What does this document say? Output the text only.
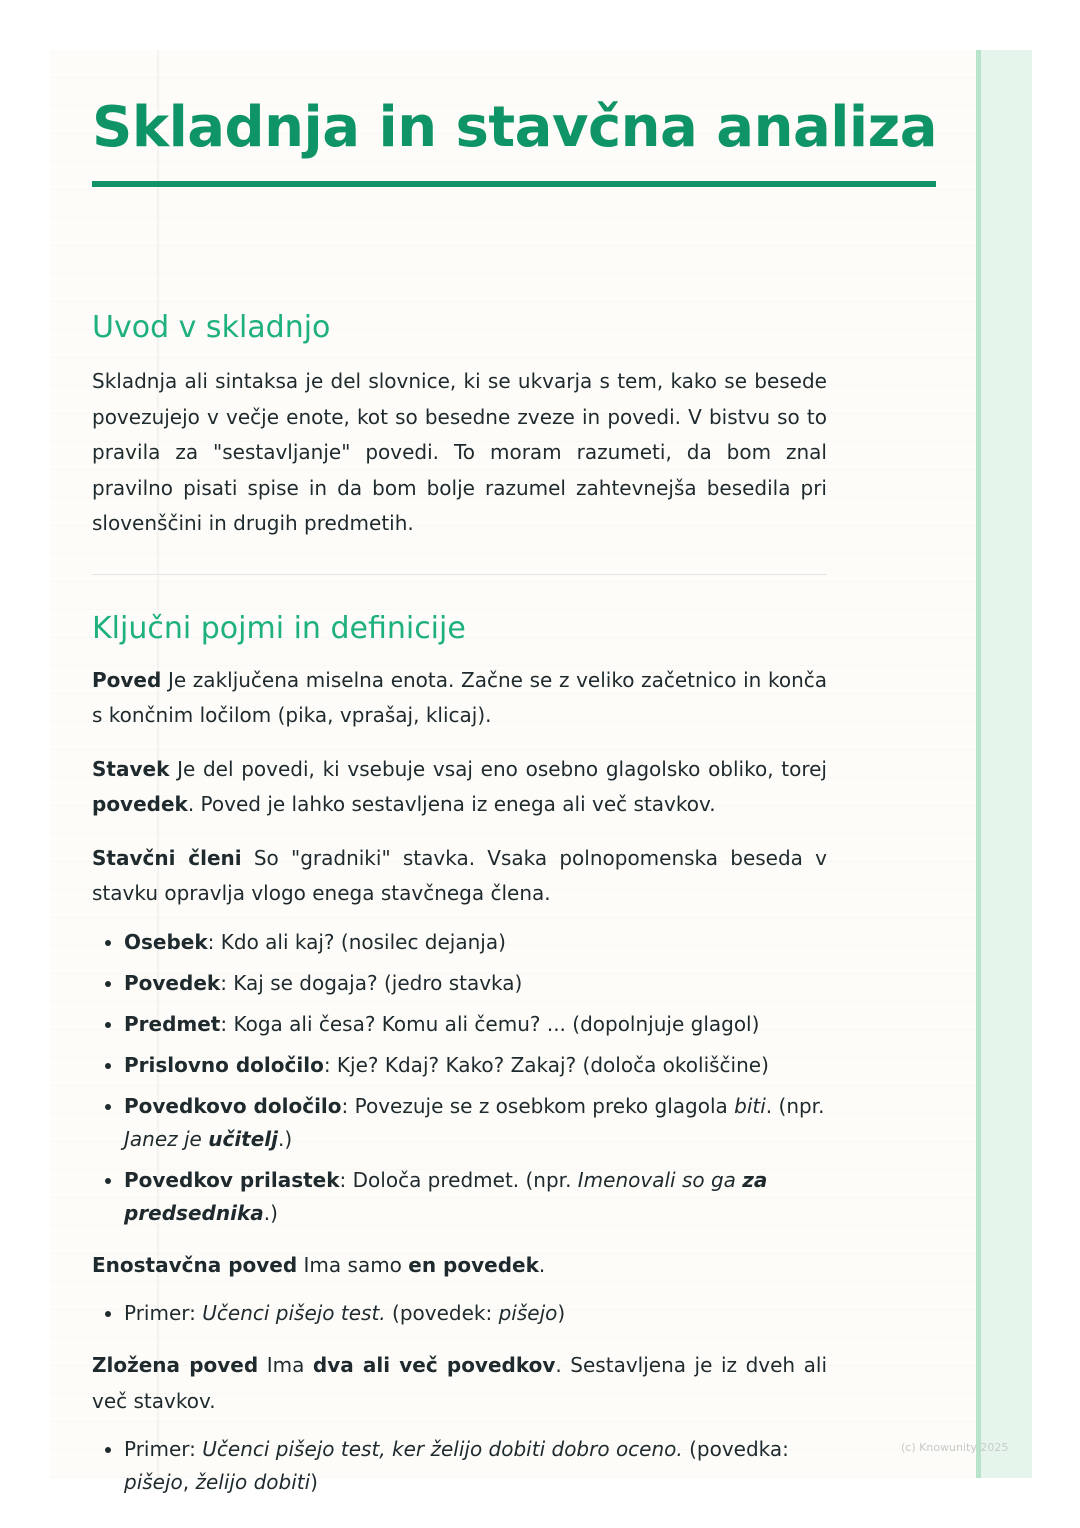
Skladnja in stavčna analiza
Uvod v skladnjo

Skladnja ali sintaksa je del slovnice, ki se ukvarja s tem, kako se besede povezujejo v večje enote, kot so besedne zveze in povedi. V bistvu so to pravila za "sestavljanje" povedi. To moram razumeti, da bom znal pravilno pisati spise in da bom bolje razumel zahtevnejša besedila pri slovenščini in drugih predmetih.

Ključni pojmi in definicije

Poved Je zaključena miselna enota. Začne se z veliko začetnico in konča s končnim ločilom (pika, vprašaj, klicaj).

Stavek Je del povedi, ki vsebuje vsaj eno osebno glagolsko obliko, torej povedek. Poved je lahko sestavljena iz enega ali več stavkov.

Stavčni členi So "gradniki" stavka. Vsaka polnopomenska beseda v stavku opravlja vlogo enega stavčnega člena.

• Osebek: Kdo ali kaj? (nosilec dejanja)
• Povedek: Kaj se dogaja? (jedro stavka)
• Predmet: Koga ali česa? Komu ali čemu? ... (dopolnjuje glagol)
• Prislovno določilo: Kje? Kdaj? Kako? Zakaj? (določa okoliščine)
• Povedkovo določilo: Povezuje se z osebkom preko glagola biti. (npr. Janez je učitelj.)
• Povedkov prilastek: Določa predmet. (npr. Imenovali so ga za predsednika.)

Enostavčna poved Ima samo en povedek.

• Primer: Učenci pišejo test. (povedek: pišejo)

Zložena poved Ima dva ali več povedkov. Sestavljena je iz dveh ali več stavkov.

• Primer: Učenci pišejo test, ker želijo dobiti dobro oceno. (povedka: pišejo, želijo dobiti)
(c) Knowunity 2025
